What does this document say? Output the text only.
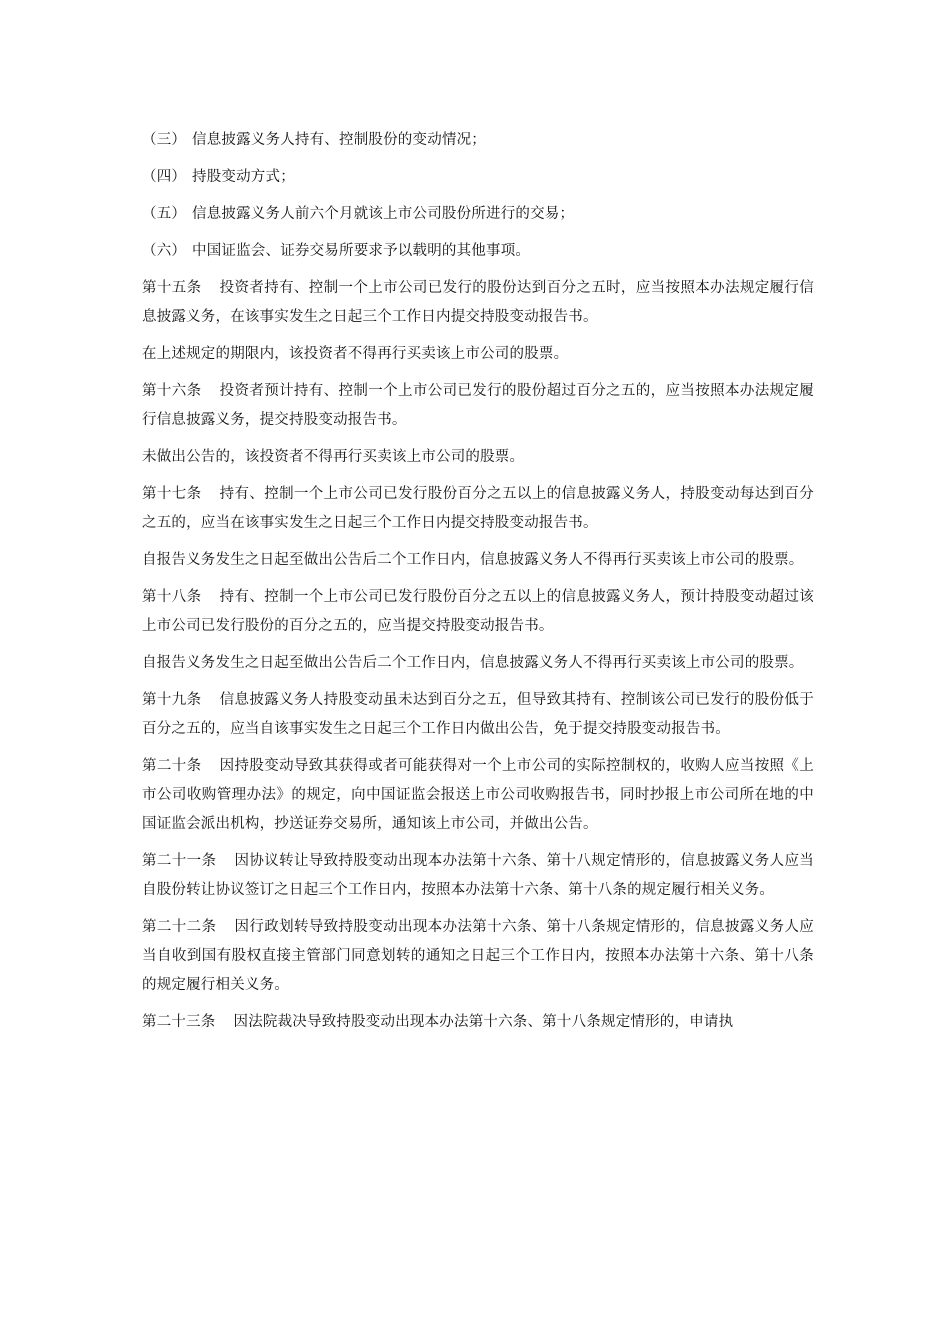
（三） 信息披露义务人持有、控制股份的变动情况；
（四） 持股变动方式；
（五） 信息披露义务人前六个月就该上市公司股份所进行的交易；
（六） 中国证监会、证券交易所要求予以载明的其他事项。

第十五条 投资者持有、控制一个上市公司已发行的股份达到百分之五时，应当按照本办法规定履行信息披露义务，在该事实发生之日起三个工作日内提交持股变动报告书。

在上述规定的期限内，该投资者不得再行买卖该上市公司的股票。

第十六条 投资者预计持有、控制一个上市公司已发行的股份超过百分之五的，应当按照本办法规定履行信息披露义务，提交持股变动报告书。

未做出公告的，该投资者不得再行买卖该上市公司的股票。

第十七条 持有、控制一个上市公司已发行股份百分之五以上的信息披露义务人，持股变动每达到百分之五的，应当在该事实发生之日起三个工作日内提交持股变动报告书。

自报告义务发生之日起至做出公告后二个工作日内，信息披露义务人不得再行买卖该上市公司的股票。

第十八条 持有、控制一个上市公司已发行股份百分之五以上的信息披露义务人，预计持股变动超过该上市公司已发行股份的百分之五的，应当提交持股变动报告书。

自报告义务发生之日起至做出公告后二个工作日内，信息披露义务人不得再行买卖该上市公司的股票。

第十九条 信息披露义务人持股变动虽未达到百分之五，但导致其持有、控制该公司已发行的股份低于百分之五的，应当自该事实发生之日起三个工作日内做出公告，免于提交持股变动报告书。

第二十条 因持股变动导致其获得或者可能获得对一个上市公司的实际控制权的，收购人应当按照《上市公司收购管理办法》的规定，向中国证监会报送上市公司收购报告书，同时抄报上市公司所在地的中国证监会派出机构，抄送证券交易所，通知该上市公司，并做出公告。

第二十一条 因协议转让导致持股变动出现本办法第十六条、第十八规定情形的，信息披露义务人应当自股份转让协议签订之日起三个工作日内，按照本办法第十六条、第十八条的规定履行相关义务。

第二十二条 因行政划转导致持股变动出现本办法第十六条、第十八条规定情形的，信息披露义务人应当自收到国有股权直接主管部门同意划转的通知之日起三个工作日内，按照本办法第十六条、第十八条的规定履行相关义务。

第二十三条 因法院裁决导致持股变动出现本办法第十六条、第十八条规定情形的，申请执
